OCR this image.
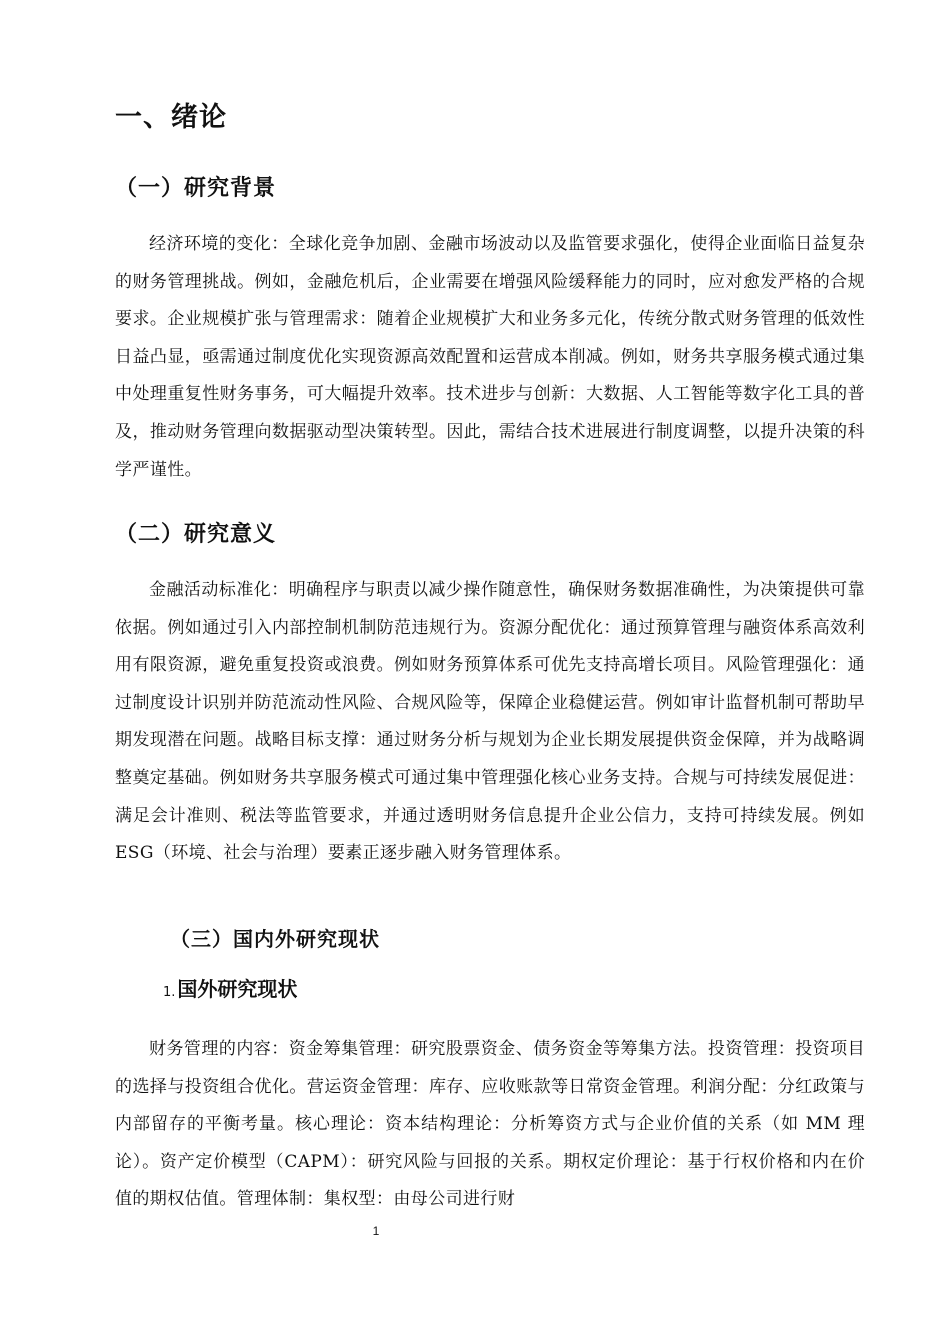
一、绪论
（一）研究背景
经济环境的变化：全球化竞争加剧、金融市场波动以及监管要求强化，使得企业面临日益复杂的财务管理挑战。例如，金融危机后，企业需要在增强风险缓释能力的同时，应对愈发严格的合规要求。企业规模扩张与管理需求：随着企业规模扩大和业务多元化，传统分散式财务管理的低效性日益凸显，亟需通过制度优化实现资源高效配置和运营成本削减。例如，财务共享服务模式通过集中处理重复性财务事务，可大幅提升效率。技术进步与创新：大数据、人工智能等数字化工具的普及，推动财务管理向数据驱动型决策转型。因此，需结合技术进展进行制度调整，以提升决策的科学严谨性。
（二）研究意义
金融活动标准化：明确程序与职责以减少操作随意性，确保财务数据准确性，为决策提供可靠依据。例如通过引入内部控制机制防范违规行为。资源分配优化：通过预算管理与融资体系高效利用有限资源，避免重复投资或浪费。例如财务预算体系可优先支持高增长项目。风险管理强化：通过制度设计识别并防范流动性风险、合规风险等，保障企业稳健运营。例如审计监督机制可帮助早期发现潜在问题。战略目标支撑：通过财务分析与规划为企业长期发展提供资金保障，并为战略调整奠定基础。例如财务共享服务模式可通过集中管理强化核心业务支持。合规与可持续发展促进：满足会计准则、税法等监管要求，并通过透明财务信息提升企业公信力，支持可持续发展。例如 ESG（环境、社会与治理）要素正逐步融入财务管理体系。
（三）国内外研究现状
1. 国外研究现状
财务管理的内容：资金筹集管理：研究股票资金、债务资金等筹集方法。投资管理：投资项目的选择与投资组合优化。营运资金管理：库存、应收账款等日常资金管理。利润分配：分红政策与内部留存的平衡考量。核心理论：资本结构理论：分析筹资方式与企业价值的关系（如 MM 理论）。资产定价模型（CAPM）：研究风险与回报的关系。期权定价理论：基于行权价格和内在价值的期权估值。管理体制：集权型：由母公司进行财
1
